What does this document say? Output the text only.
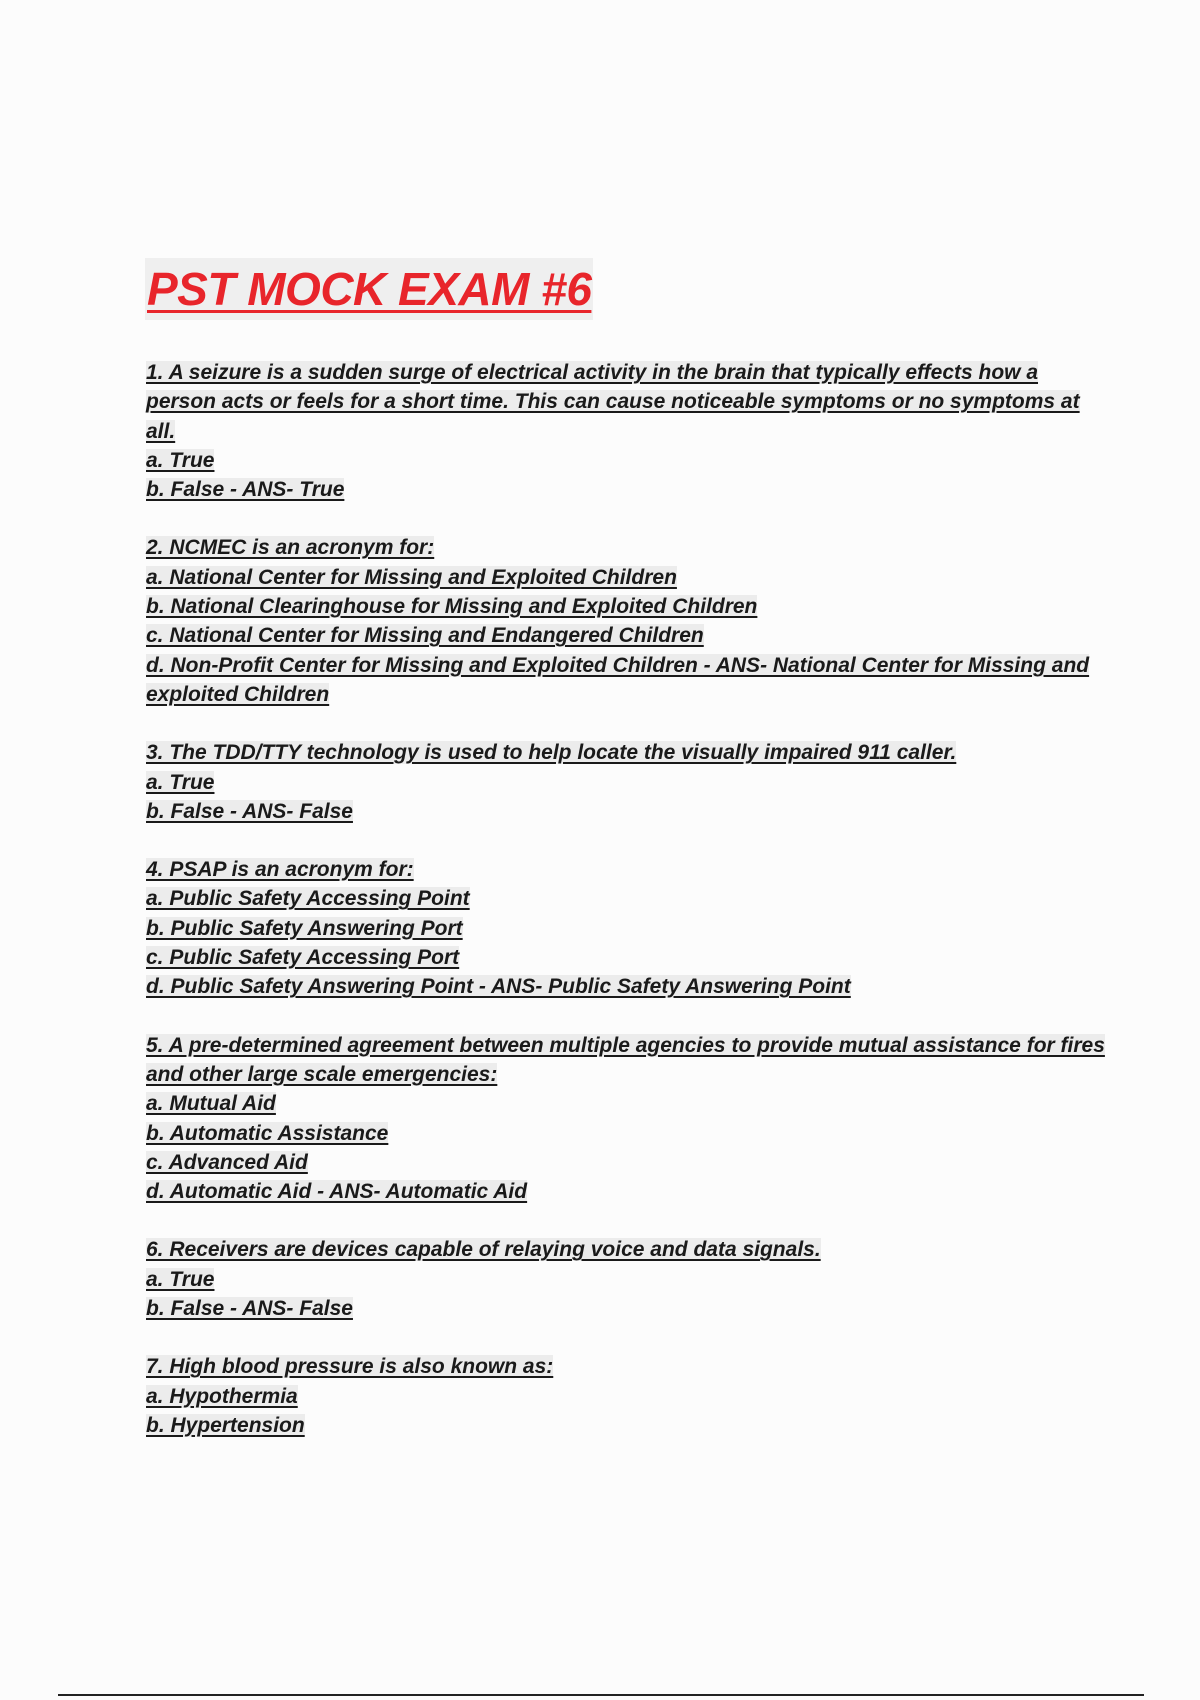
PST MOCK EXAM #6
1. A seizure is a sudden surge of electrical activity in the brain that typically effects how a person acts or feels for a short time. This can cause noticeable symptoms or no symptoms at all.
a. True
b. False - ANS- True
2. NCMEC is an acronym for:
a. National Center for Missing and Exploited Children
b. National Clearinghouse for Missing and Exploited Children
c. National Center for Missing and Endangered Children
d. Non-Profit Center for Missing and Exploited Children - ANS- National Center for Missing and exploited Children
3. The TDD/TTY technology is used to help locate the visually impaired 911 caller.
a. True
b. False - ANS- False
4. PSAP is an acronym for:
a. Public Safety Accessing Point
b. Public Safety Answering Port
c. Public Safety Accessing Port
d. Public Safety Answering Point - ANS- Public Safety Answering Point
5. A pre-determined agreement between multiple agencies to provide mutual assistance for fires and other large scale emergencies:
a. Mutual Aid
b. Automatic Assistance
c. Advanced Aid
d. Automatic Aid - ANS- Automatic Aid
6. Receivers are devices capable of relaying voice and data signals.
a. True
b. False - ANS- False
7. High blood pressure is also known as:
a. Hypothermia
b. Hypertension
